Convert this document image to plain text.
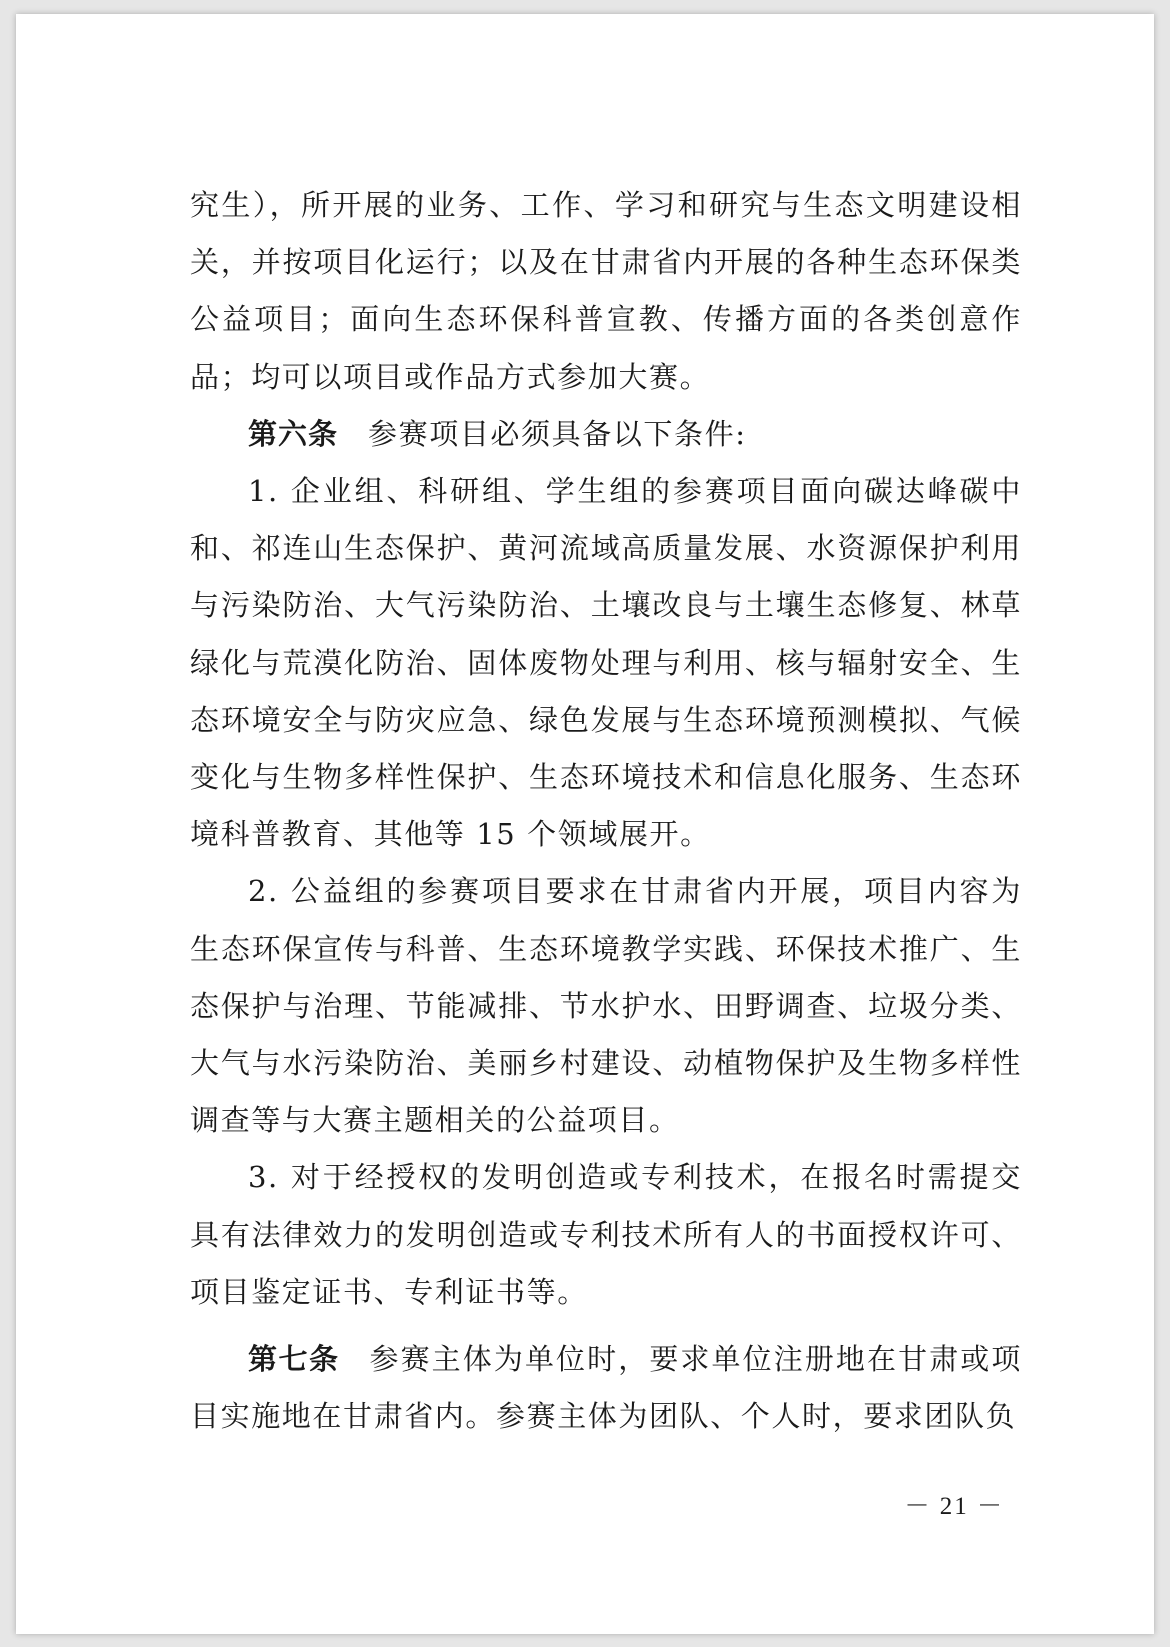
究生），所开展的业务、工作、学习和研究与生态文明建设相关，并按项目化运行；以及在甘肃省内开展的各种生态环保类公益项目；面向生态环保科普宣教、传播方面的各类创意作品；均可以项目或作品方式参加大赛。

第六条 参赛项目必须具备以下条件:

1. 企业组、科研组、学生组的参赛项目面向碳达峰碳中和、祁连山生态保护、黄河流域高质量发展、水资源保护利用与污染防治、大气污染防治、土壤改良与土壤生态修复、林草绿化与荒漠化防治、固体废物处理与利用、核与辐射安全、生态环境安全与防灾应急、绿色发展与生态环境预测模拟、气候变化与生物多样性保护、生态环境技术和信息化服务、生态环境科普教育、其他等 15 个领域展开。

2. 公益组的参赛项目要求在甘肃省内开展，项目内容为生态环保宣传与科普、生态环境教学实践、环保技术推广、生态保护与治理、节能减排、节水护水、田野调查、垃圾分类、大气与水污染防治、美丽乡村建设、动植物保护及生物多样性调查等与大赛主题相关的公益项目。

3. 对于经授权的发明创造或专利技术，在报名时需提交具有法律效力的发明创造或专利技术所有人的书面授权许可、项目鉴定证书、专利证书等。

第七条 参赛主体为单位时，要求单位注册地在甘肃或项目实施地在甘肃省内。参赛主体为团队、个人时，要求团队负

－ 21 －
